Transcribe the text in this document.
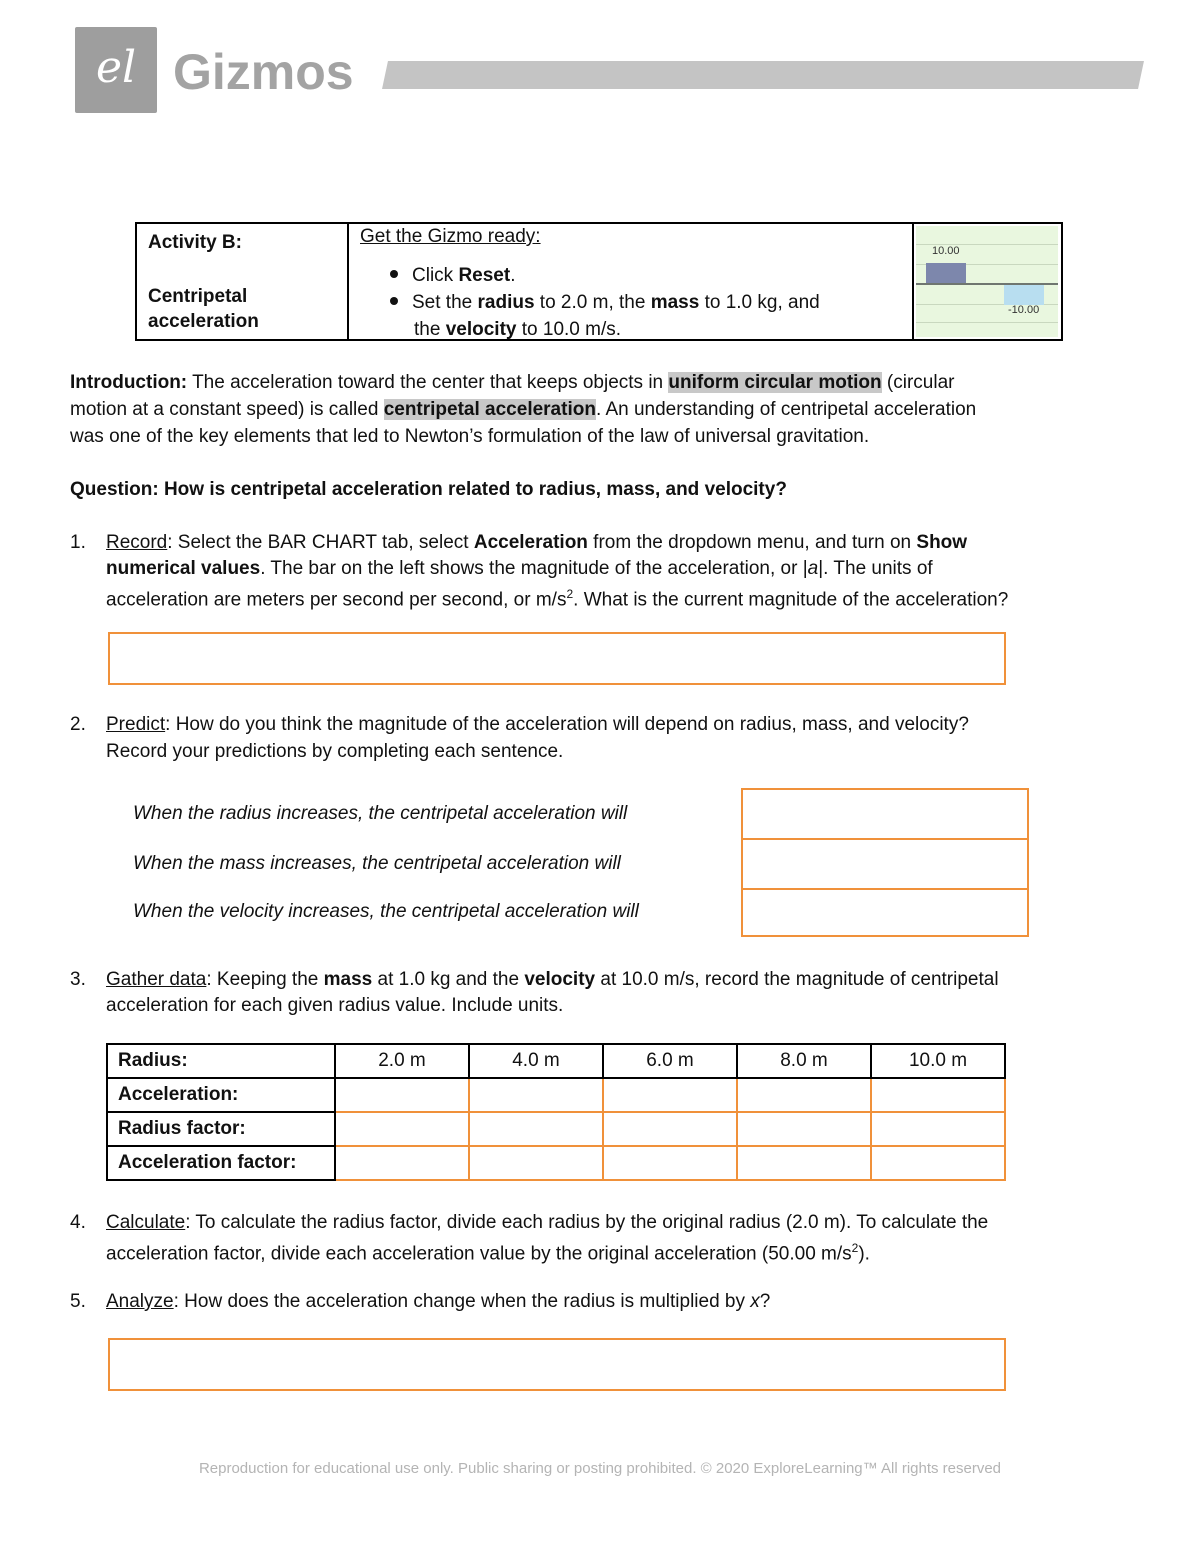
el Gizmos
Activity B:
Centripetal
acceleration
Get the Gizmo ready:
Click Reset.
Set the radius to 2.0 m, the mass to 1.0 kg, and
the velocity to 10.0 m/s.
10.00
-10.00
Introduction: The acceleration toward the center that keeps objects in uniform circular motion (circular
motion at a constant speed) is called centripetal acceleration. An understanding of centripetal acceleration
was one of the key elements that led to Newton’s formulation of the law of universal gravitation.
Question: How is centripetal acceleration related to radius, mass, and velocity?
1. Record: Select the BAR CHART tab, select Acceleration from the dropdown menu, and turn on Show
numerical values. The bar on the left shows the magnitude of the acceleration, or |a|. The units of
acceleration are meters per second per second, or $m/s^2$. What is the current magnitude of the acceleration?
2. Predict: How do you think the magnitude of the acceleration will depend on radius, mass, and velocity?
Record your predictions by completing each sentence.
When the radius increases, the centripetal acceleration will
When the mass increases, the centripetal acceleration will
When the velocity increases, the centripetal acceleration will
3. Gather data: Keeping the mass at 1.0 kg and the velocity at 10.0 m/s, record the magnitude of centripetal
acceleration for each given radius value. Include units.
Radius:	2.0 m	4.0 m	6.0 m	8.0 m	10.0 m
Acceleration:					
Radius factor:					
Acceleration factor:					
4. Calculate: To calculate the radius factor, divide each radius by the original radius (2.0 m). To calculate the
acceleration factor, divide each acceleration value by the original acceleration (50.00 $m/s^2$).
5. Analyze: How does the acceleration change when the radius is multiplied by x?
Reproduction for educational use only. Public sharing or posting prohibited. © 2020 ExploreLearning™ All rights reserved
